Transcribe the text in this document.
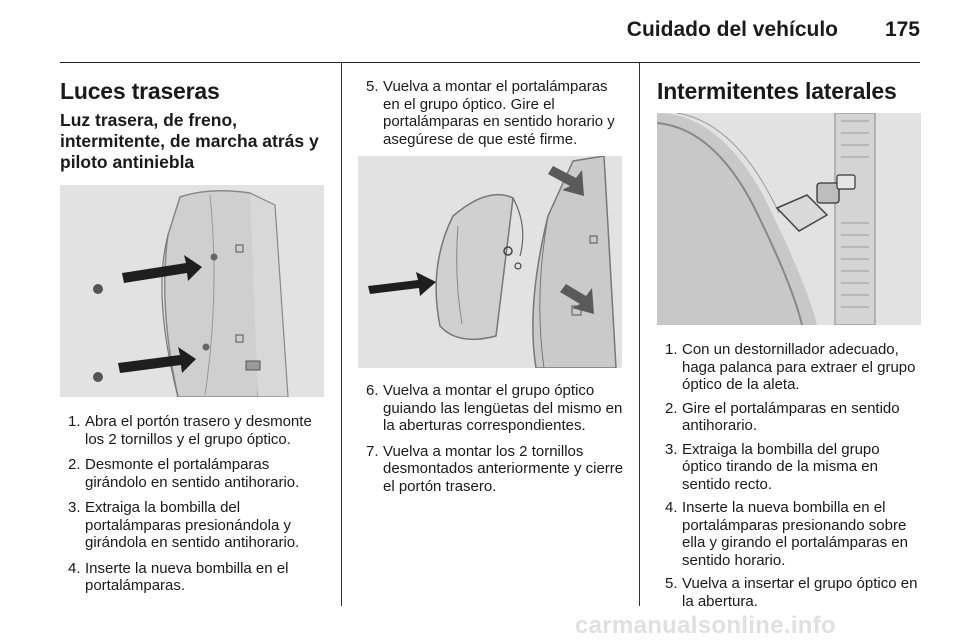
Cuidado del vehículo 175
Luces traseras
Luz trasera, de freno, intermitente, de marcha atrás y piloto antiniebla
1. Abra el portón trasero y desmonte los 2 tornillos y el grupo óptico.
2. Desmonte el portalámparas girándolo en sentido antihorario.
3. Extraiga la bombilla del portalámparas presionándola y girándola en sentido antihorario.
4. Inserte la nueva bombilla en el portalámparas.
5. Vuelva a montar el portalámparas en el grupo óptico. Gire el portalámparas en sentido horario y asegúrese de que esté firme.
6. Vuelva a montar el grupo óptico guiando las lengüetas del mismo en la aberturas correspondientes.
7. Vuelva a montar los 2 tornillos desmontados anteriormente y cierre el portón trasero.
Intermitentes laterales
1. Con un destornillador adecuado, haga palanca para extraer el grupo óptico de la aleta.
2. Gire el portalámparas en sentido antihorario.
3. Extraiga la bombilla del grupo óptico tirando de la misma en sentido recto.
4. Inserte la nueva bombilla en el portalámparas presionando sobre ella y girando el portalámparas en sentido horario.
5. Vuelva a insertar el grupo óptico en la abertura.
carmanualsonline.info
